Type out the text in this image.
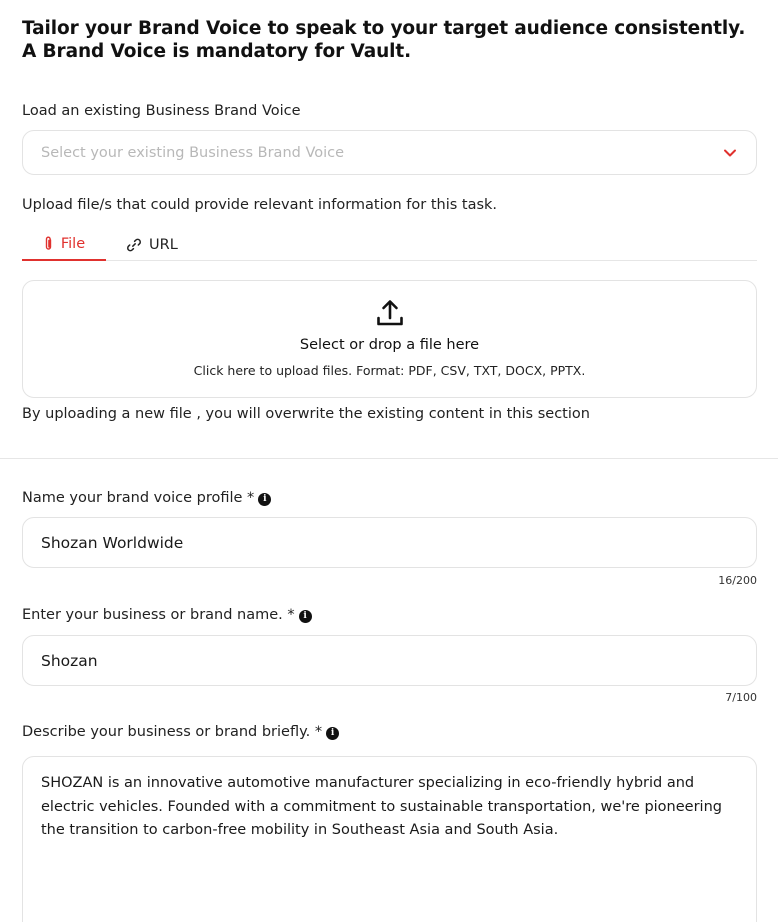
Tailor your Brand Voice to speak to your target audience consistently. A Brand Voice is mandatory for Vault.
Load an existing Business Brand Voice
Select your existing Business Brand Voice
Upload file/s that could provide relevant information for this task.
File	URL
Select or drop a file here
Click here to upload files. Format: PDF, CSV, TXT, DOCX, PPTX.
By uploading a new file , you will overwrite the existing content in this section
Name your brand voice profile * i
Shozan Worldwide
16/200
Enter your business or brand name. * i
Shozan
7/100
Describe your business or brand briefly. * i
SHOZAN is an innovative automotive manufacturer specializing in eco-friendly hybrid and electric vehicles. Founded with a commitment to sustainable transportation, we're pioneering the transition to carbon-free mobility in Southeast Asia and South Asia.
